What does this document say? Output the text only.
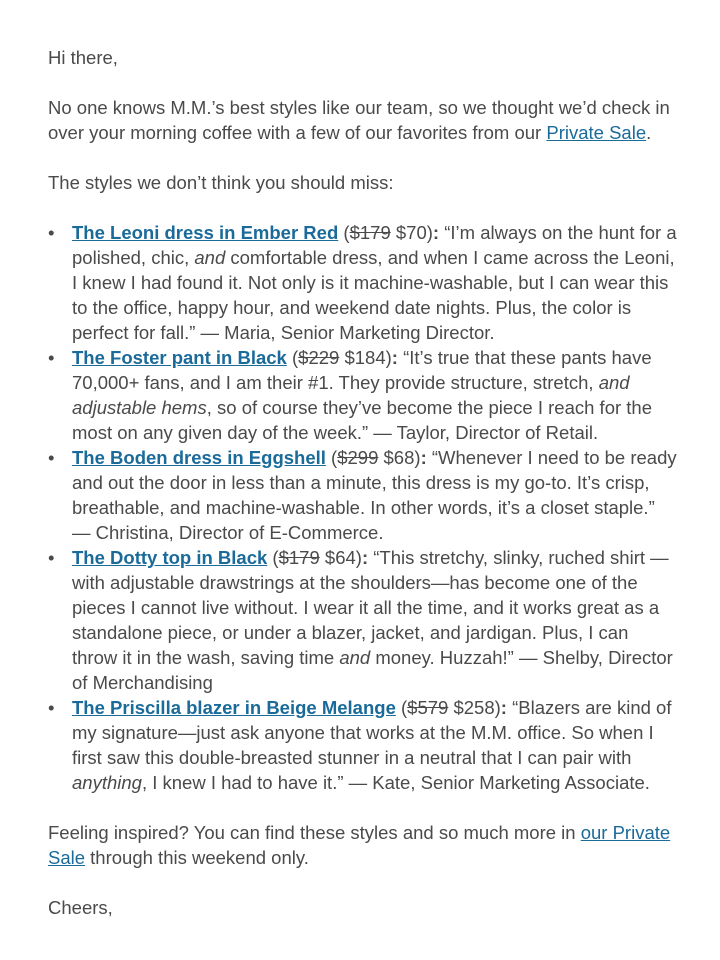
Hi there,

No one knows M.M.’s best styles like our team, so we thought we’d check in over your morning coffee with a few of our favorites from our Private Sale.

The styles we don’t think you should miss:

• The Leoni dress in Ember Red ($179 $70): “I’m always on the hunt for a polished, chic, and comfortable dress, and when I came across the Leoni, I knew I had found it. Not only is it machine-washable, but I can wear this to the office, happy hour, and weekend date nights. Plus, the color is perfect for fall.” — Maria, Senior Marketing Director.
• The Foster pant in Black ($229 $184): “It’s true that these pants have 70,000+ fans, and I am their #1. They provide structure, stretch, and adjustable hems, so of course they’ve become the piece I reach for the most on any given day of the week.” — Taylor, Director of Retail.
• The Boden dress in Eggshell ($299 $68): “Whenever I need to be ready and out the door in less than a minute, this dress is my go-to. It’s crisp, breathable, and machine-washable. In other words, it’s a closet staple.” — Christina, Director of E-Commerce.
• The Dotty top in Black ($179 $64): “This stretchy, slinky, ruched shirt —with adjustable drawstrings at the shoulders—has become one of the pieces I cannot live without. I wear it all the time, and it works great as a standalone piece, or under a blazer, jacket, and jardigan. Plus, I can throw it in the wash, saving time and money. Huzzah!” — Shelby, Director of Merchandising
• The Priscilla blazer in Beige Melange ($579 $258): “Blazers are kind of my signature—just ask anyone that works at the M.M. office. So when I first saw this double-breasted stunner in a neutral that I can pair with anything, I knew I had to have it.” — Kate, Senior Marketing Associate.

Feeling inspired? You can find these styles and so much more in our Private Sale through this weekend only.

Cheers,
